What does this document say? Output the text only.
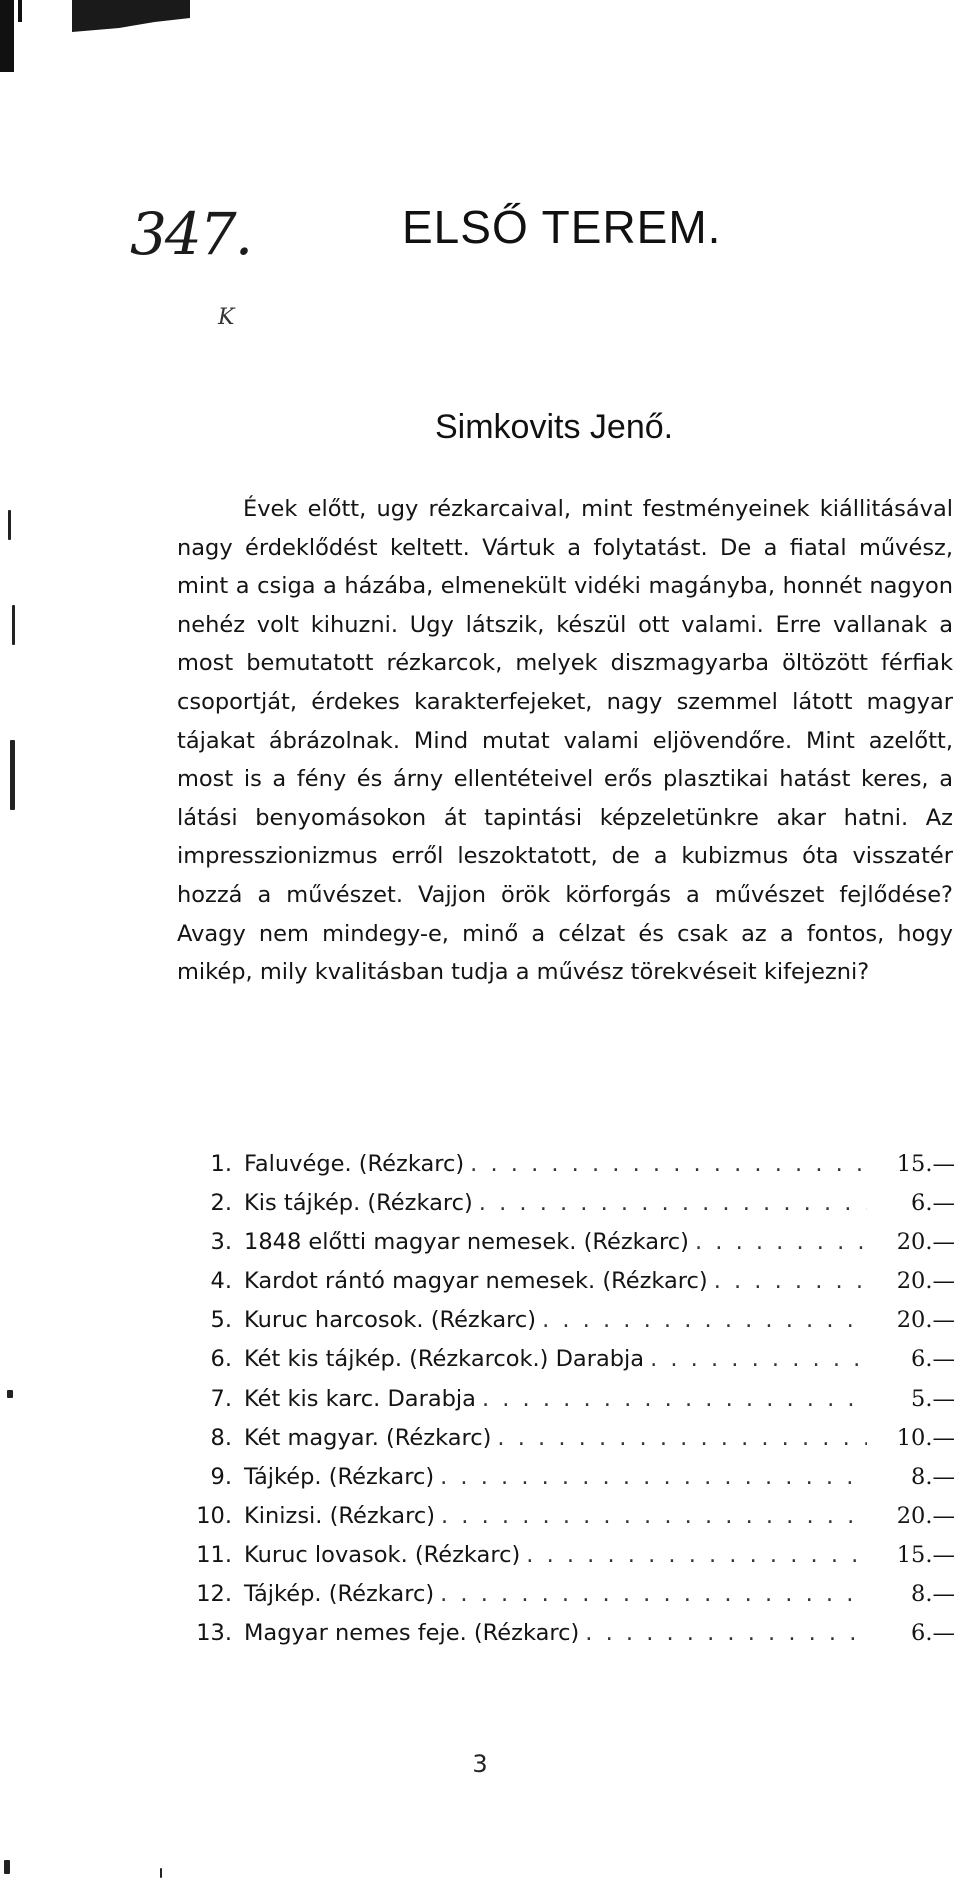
347.
K
ELSŐ TEREM.
Simkovits Jenő.

Évek előtt, ugy rézkarcaival, mint festményeinek kiállitásával nagy érdeklődést keltett. Vártuk a folytatást. De a fiatal művész, mint a csiga a házába, elmenekült vidéki magányba, honnét nagyon nehéz volt kihuzni. Ugy látszik, készül ott valami. Erre vallanak a most bemutatott rézkarcok, melyek diszmagyarba öltözött férfiak csoportját, érdekes karakterfejeket, nagy szemmel látott magyar tájakat ábrázolnak. Mind mutat valami eljövendőre. Mint azelőtt, most is a fény és árny ellentéteivel erős plasztikai hatást keres, a látási benyomásokon át tapintási képzeletünkre akar hatni. Az impresszionizmus erről leszoktatott, de a kubizmus óta visszatér hozzá a művészet. Vajjon örök körforgás a művészet fejlődése? Avagy nem mindegy-e, minő a célzat és csak az a fontos, hogy mikép, mily kvalitásban tudja a művész törekvéseit kifejezni?

1. Faluvége. (Rézkarc) . . .	15.—
2. Kis tájkép. (Rézkarc) . . .	6.—
3. 1848 előtti magyar nemesek. (Rézkarc) . . .	20.—
4. Kardot rántó magyar nemesek. (Rézkarc) . . .	20.—
5. Kuruc harcosok. (Rézkarc) . . .	20.—
6. Két kis tájkép. (Rézkarcok.) Darabja . . .	6.—
7. Két kis karc. Darabja . . .	5.—
8. Két magyar. (Rézkarc) . . .	10.—
9. Tájkép. (Rézkarc) . . .	8.—
10. Kinizsi. (Rézkarc) . . .	20.—
11. Kuruc lovasok. (Rézkarc) . . .	15.—
12. Tájkép. (Rézkarc) . . .	8.—
13. Magyar nemes feje. (Rézkarc) . . .	6.—
3
